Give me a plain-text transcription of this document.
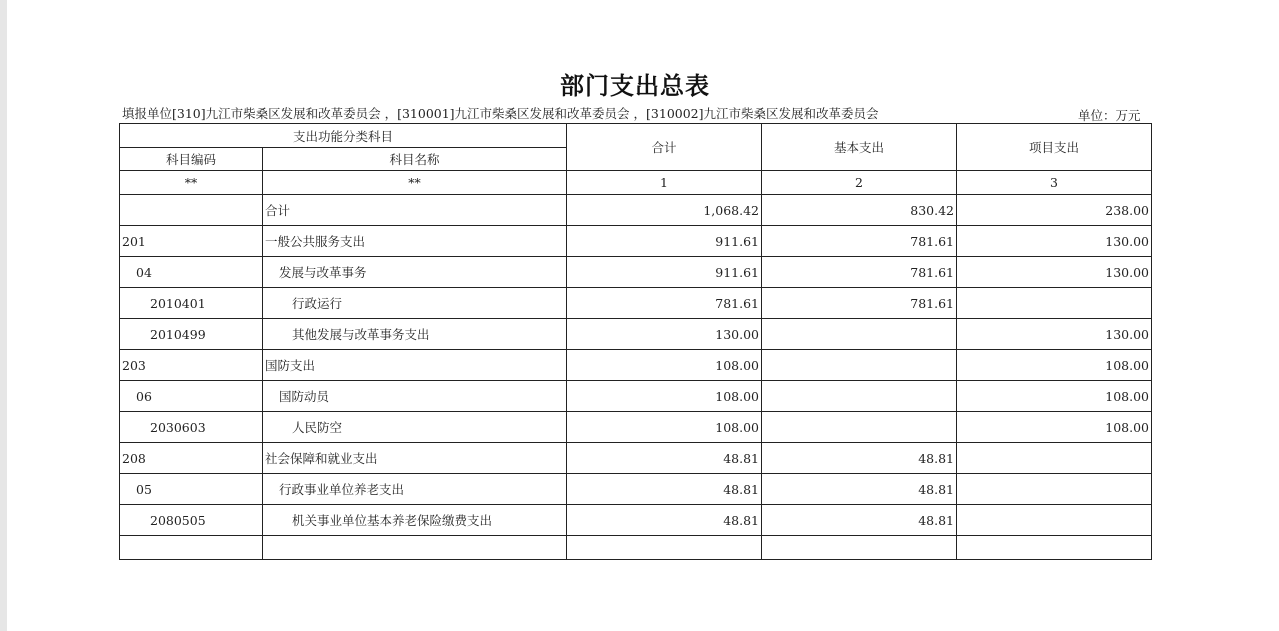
部门支出总表
填报单位[310]九江市柴桑区发展和改革委员会 ，[310001]九江市柴桑区发展和改革委员会 ，[310002]九江市柴桑区发展和改革委员会	单位：万元
支出功能分类科目		合计	基本支出	项目支出
科目编码	科目名称			
**	**	1	2	3
	合计	1,068.42	830.42	238.00
201	一般公共服务支出	911.61	781.61	130.00
04	发展与改革事务	911.61	781.61	130.00
2010401	行政运行	781.61	781.61	
2010499	其他发展与改革事务支出	130.00		130.00
203	国防支出	108.00		108.00
06	国防动员	108.00		108.00
2030603	人民防空	108.00		108.00
208	社会保障和就业支出	48.81	48.81	
05	行政事业单位养老支出	48.81	48.81	
2080505	机关事业单位基本养老保险缴费支出	48.81	48.81	
